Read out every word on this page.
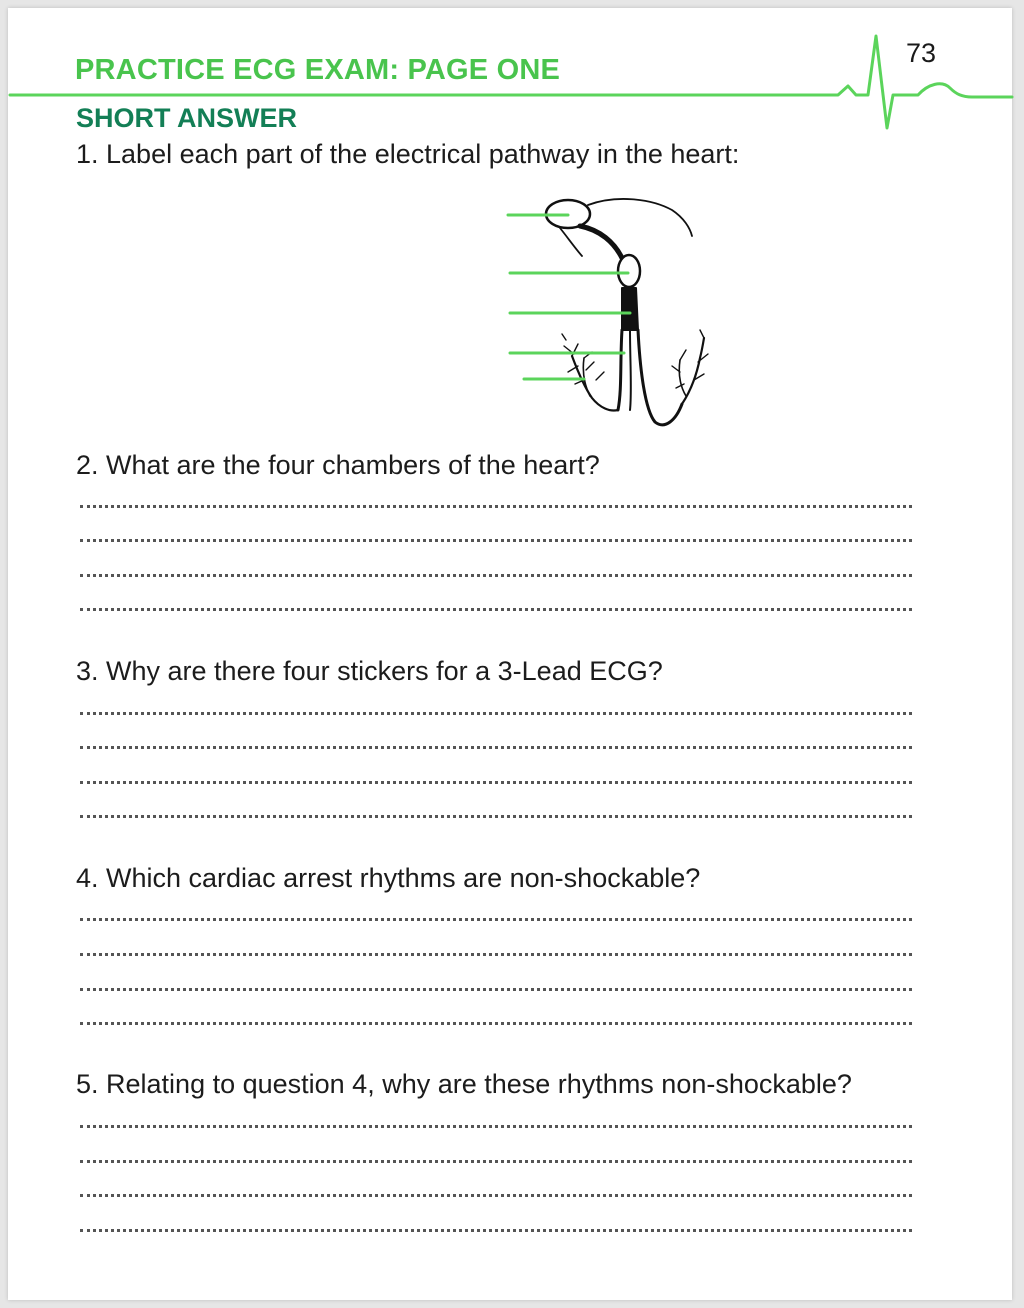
73
PRACTICE ECG EXAM: PAGE ONE
SHORT ANSWER
1. Label each part of the electrical pathway in the heart:
2. What are the four chambers of the heart?
3. Why are there four stickers for a 3-Lead ECG?
4. Which cardiac arrest rhythms are non-shockable?
5. Relating to question 4, why are these rhythms non-shockable?
